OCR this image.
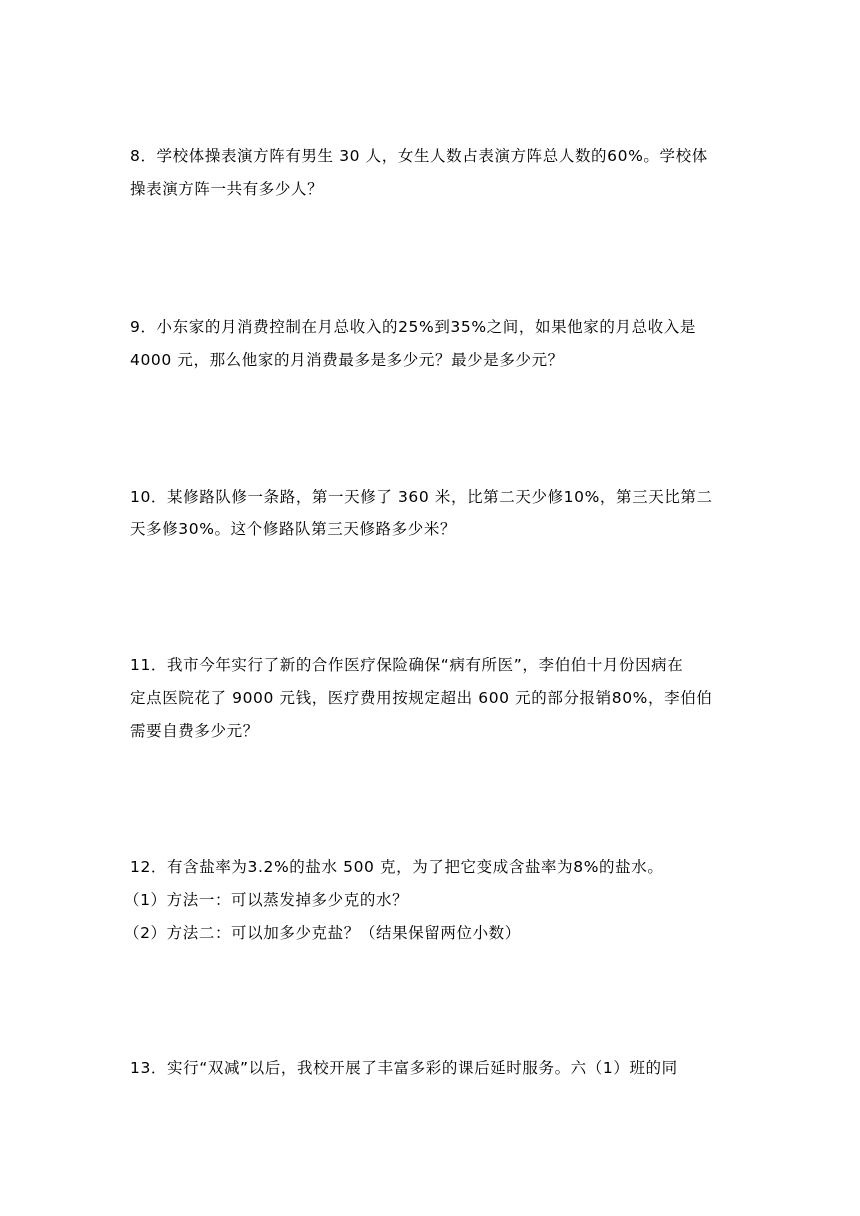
8．学校体操表演方阵有男生 30 人，女生人数占表演方阵总人数的60%。学校体
操表演方阵一共有多少人？
9．小东家的月消费控制在月总收入的25%到35%之间，如果他家的月总收入是
4000 元，那么他家的月消费最多是多少元？最少是多少元？
10．某修路队修一条路，第一天修了 360 米，比第二天少修10%，第三天比第二
天多修30%。这个修路队第三天修路多少米？
11．我市今年实行了新的合作医疗保险确保“病有所医”，李伯伯十月份因病在
定点医院花了 9000 元钱，医疗费用按规定超出 600 元的部分报销80%，李伯伯
需要自费多少元？
12．有含盐率为3.2%的盐水 500 克，为了把它变成含盐率为8%的盐水。
（1）方法一：可以蒸发掉多少克的水？
（2）方法二：可以加多少克盐？（结果保留两位小数）
13．实行“双减”以后，我校开展了丰富多彩的课后延时服务。六（1）班的同
